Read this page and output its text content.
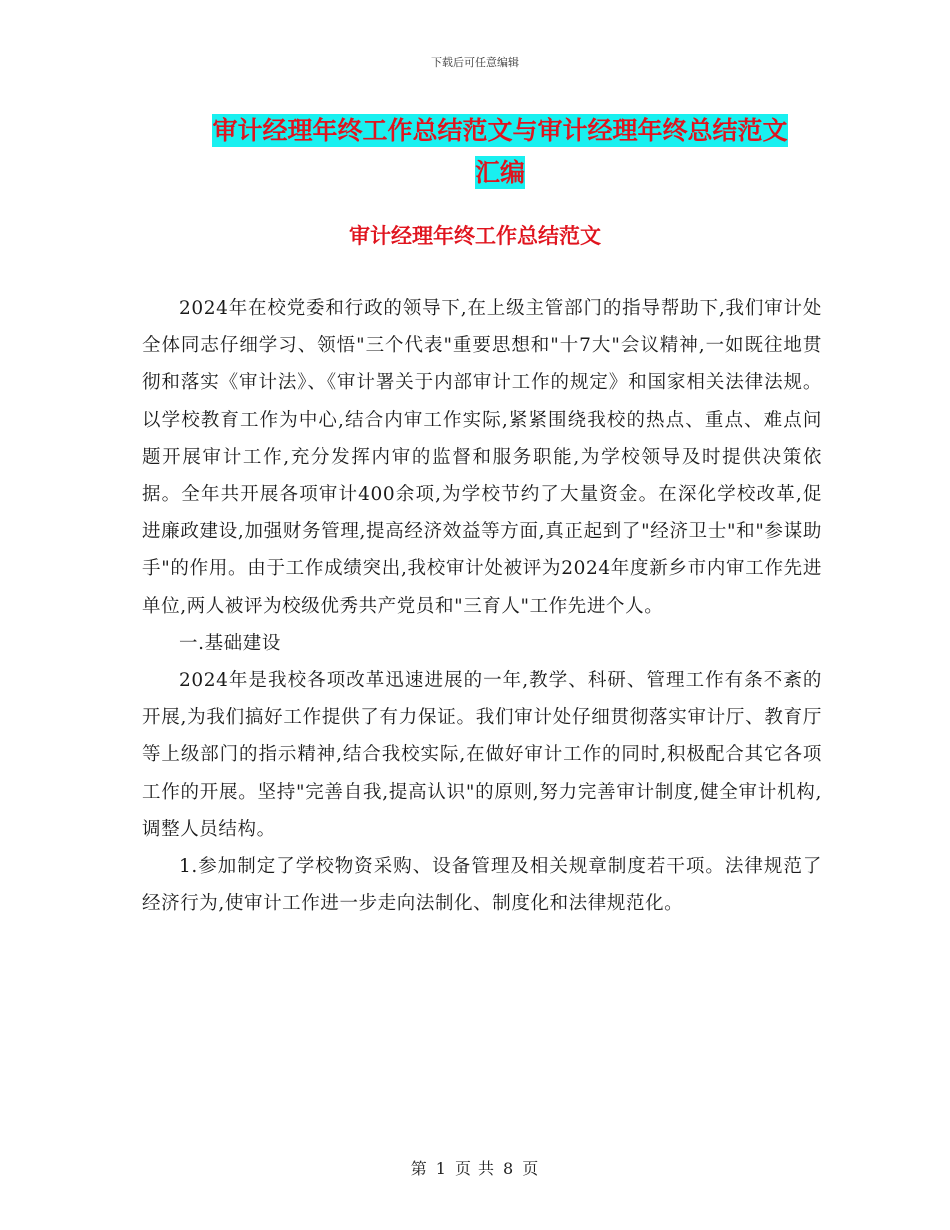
下载后可任意编辑
审计经理年终工作总结范文与审计经理年终总结范文
汇编
审计经理年终工作总结范文

2024年在校党委和行政的领导下,在上级主管部门的指导帮助下,我们审计处全体同志仔细学习、领悟"三个代表"重要思想和"十7大"会议精神,一如既往地贯彻和落实《审计法》、《审计署关于内部审计工作的规定》和国家相关法律法规。以学校教育工作为中心,结合内审工作实际,紧紧围绕我校的热点、重点、难点问题开展审计工作,充分发挥内审的监督和服务职能,为学校领导及时提供决策依据。全年共开展各项审计400余项,为学校节约了大量资金。在深化学校改革,促进廉政建设,加强财务管理,提高经济效益等方面,真正起到了"经济卫士"和"参谋助手"的作用。由于工作成绩突出,我校审计处被评为2024年度新乡市内审工作先进单位,两人被评为校级优秀共产党员和"三育人"工作先进个人。

一.基础建设

2024年是我校各项改革迅速进展的一年,教学、科研、管理工作有条不紊的开展,为我们搞好工作提供了有力保证。我们审计处仔细贯彻落实审计厅、教育厅等上级部门的指示精神,结合我校实际,在做好审计工作的同时,积极配合其它各项工作的开展。坚持"完善自我,提高认识"的原则,努力完善审计制度,健全审计机构,调整人员结构。

1.参加制定了学校物资采购、设备管理及相关规章制度若干项。法律规范了经济行为,使审计工作进一步走向法制化、制度化和法律规范化。

第 1 页 共 8 页
